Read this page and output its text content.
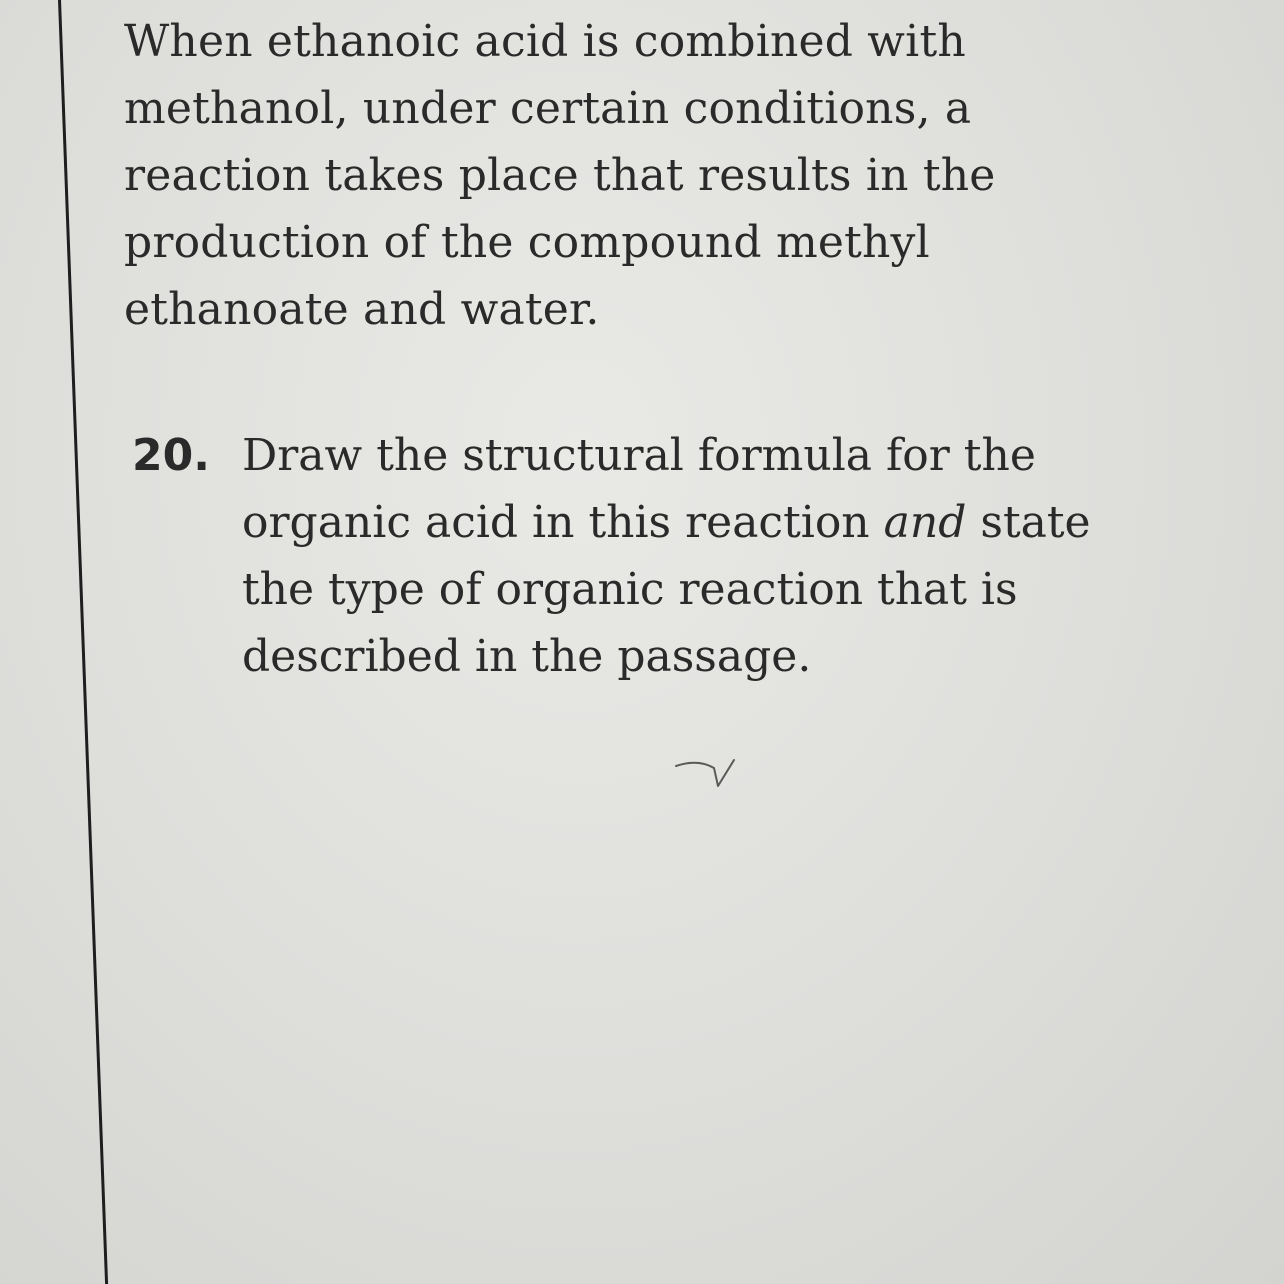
When ethanoic acid is combined with
methanol, under certain conditions, a
reaction takes place that results in the
production of the compound methyl
ethanoate and water.

20. Draw the structural formula for the
organic acid in this reaction and state
the type of organic reaction that is
described in the passage.
